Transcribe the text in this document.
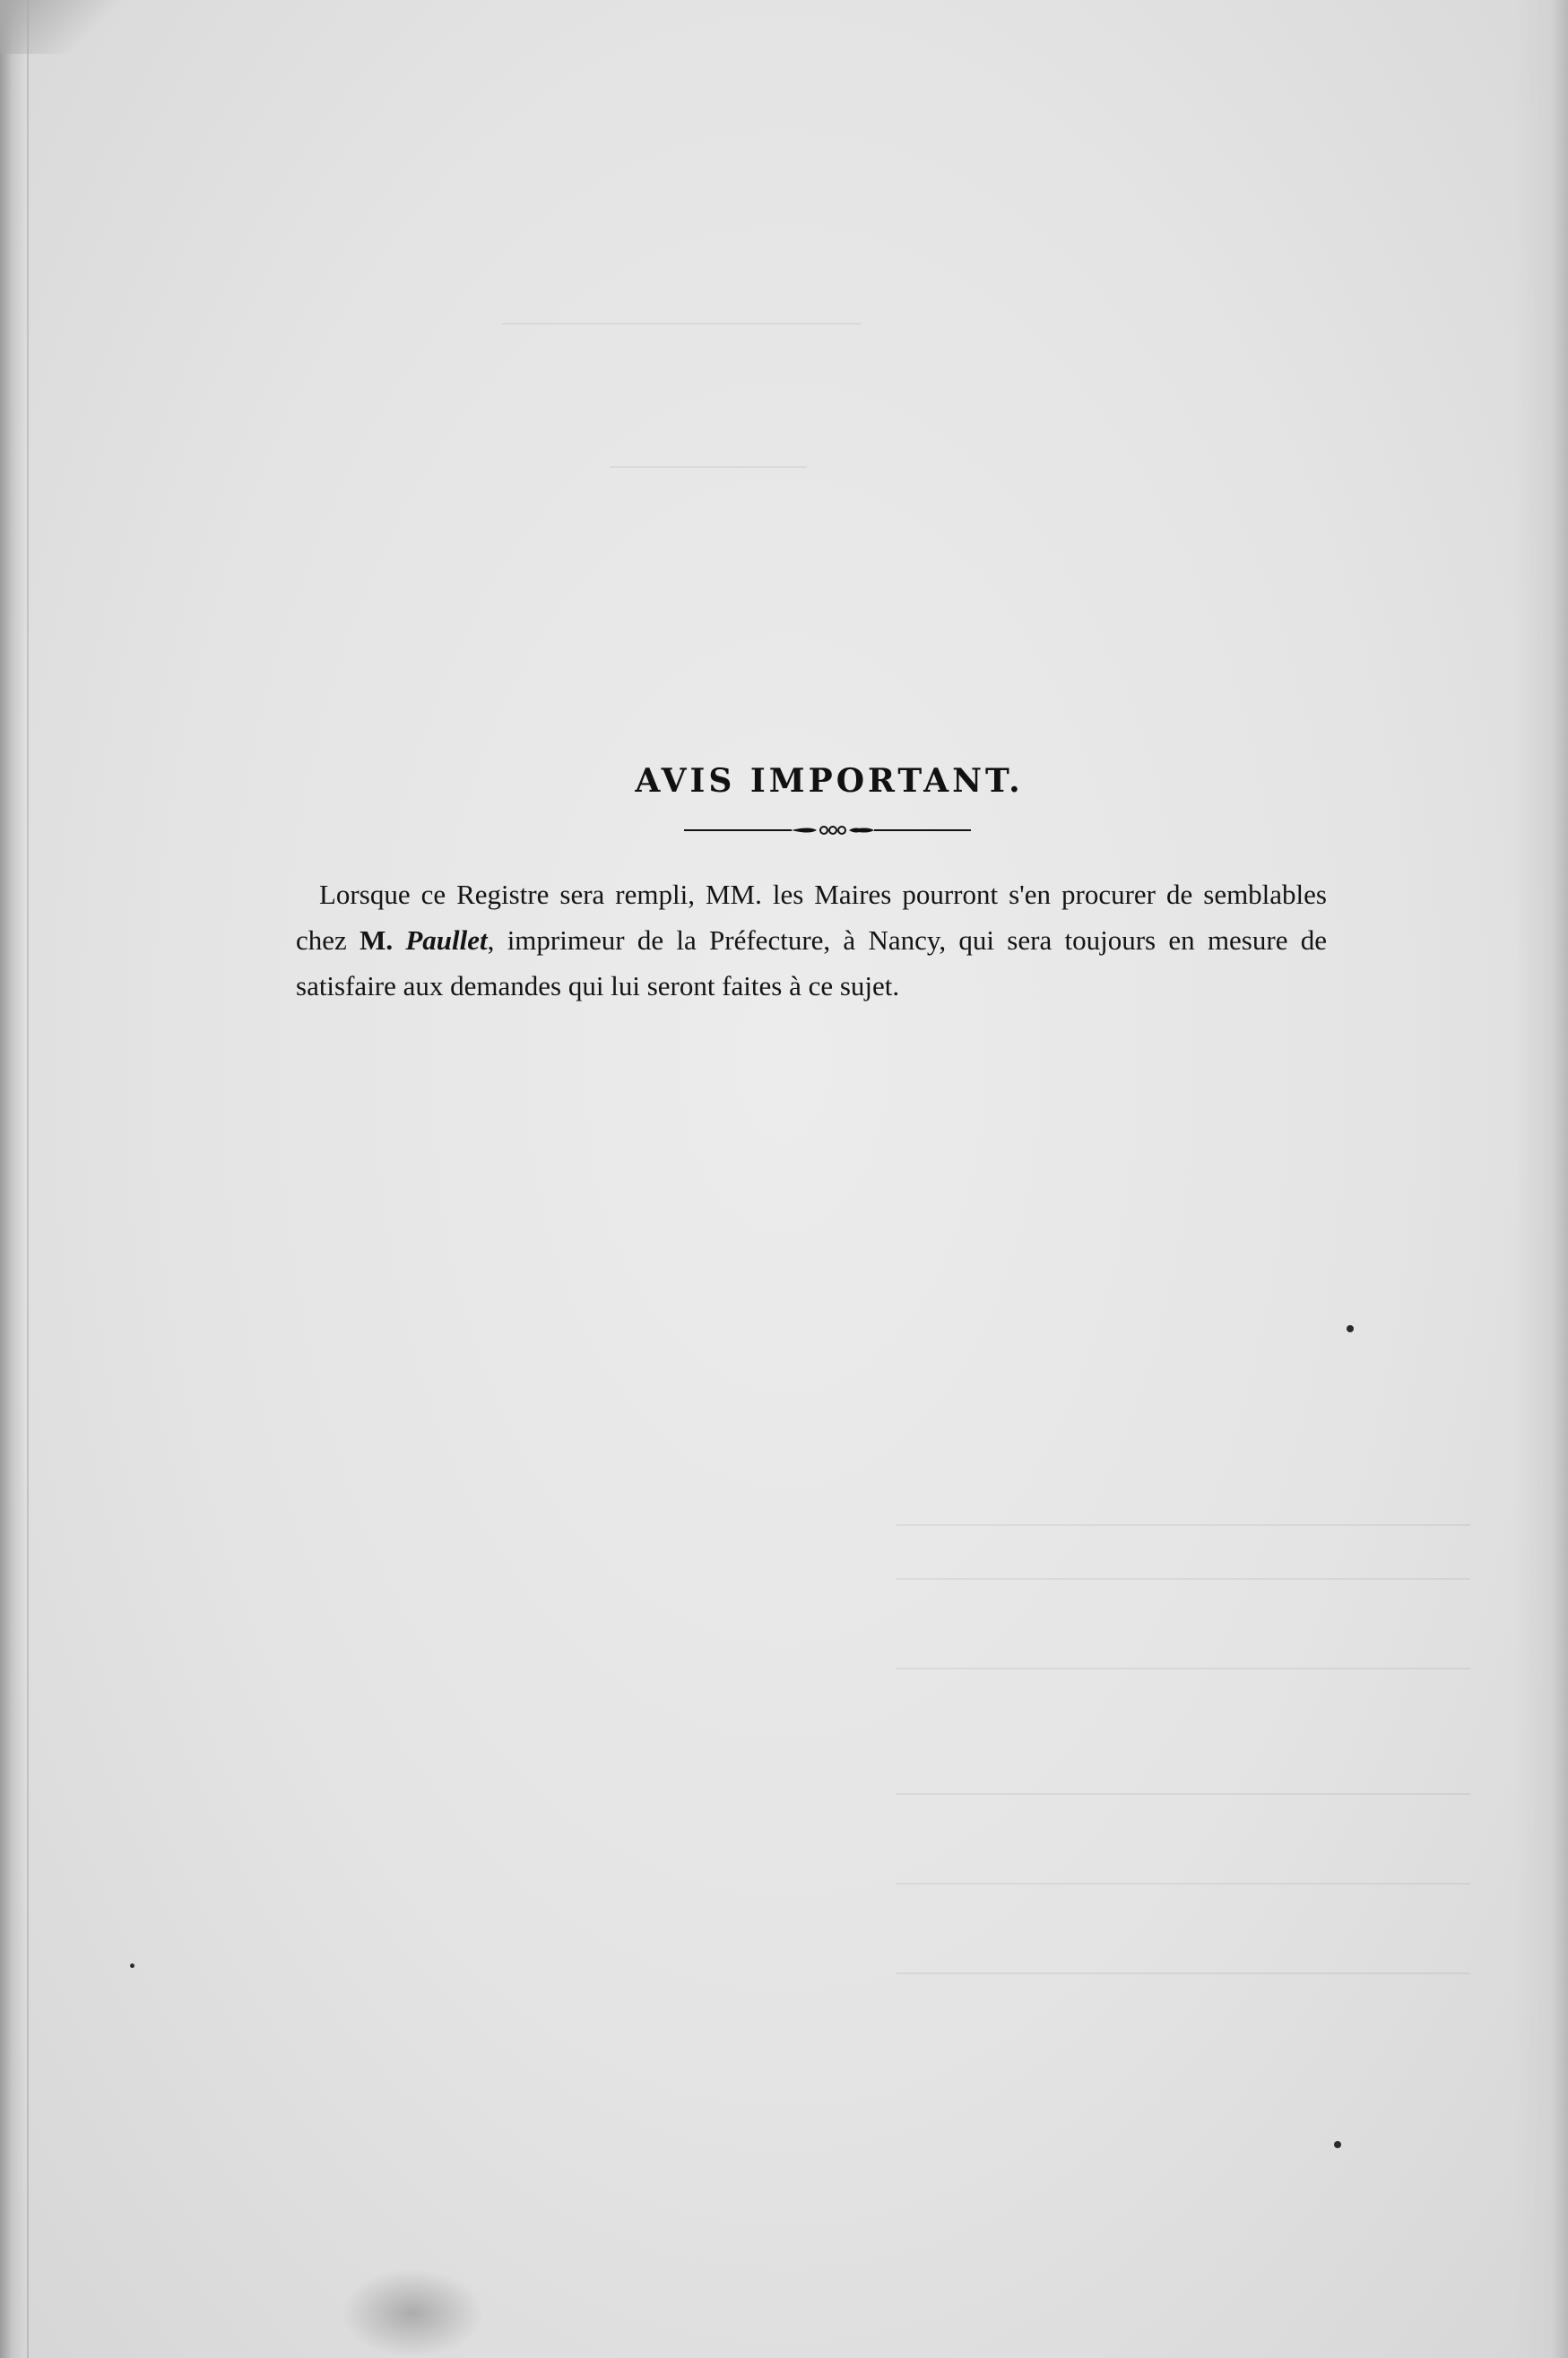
AVIS IMPORTANT.

Lorsque ce Registre sera rempli, MM. les Maires pourront s'en procurer de semblables chez M. Paullet, imprimeur de la Préfecture, à Nancy, qui sera toujours en mesure de satisfaire aux demandes qui lui seront faites à ce sujet.
